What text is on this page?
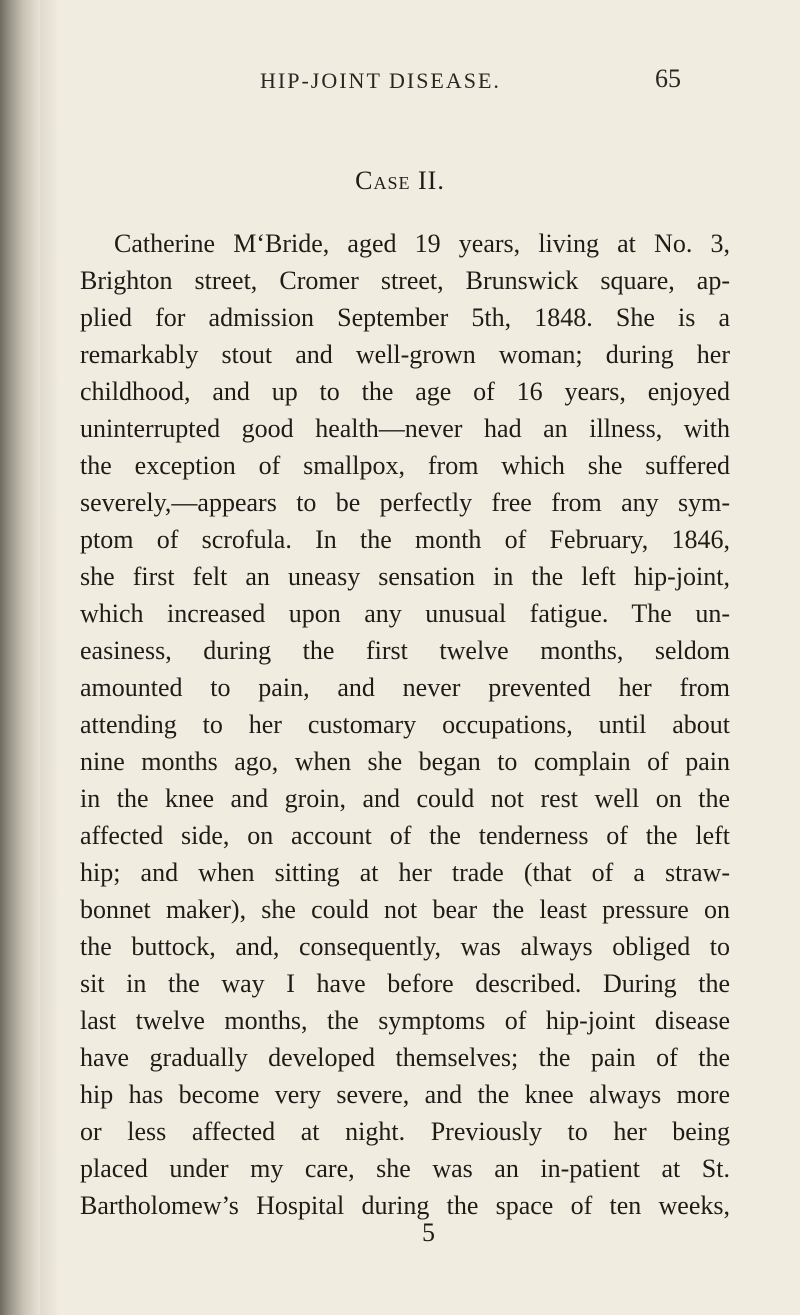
HIP-JOINT DISEASE.	65
Case II.
Catherine M‘Bride, aged 19 years, living at No. 3,
Brighton street, Cromer street, Brunswick square, ap-
plied for admission September 5th, 1848. She is a
remarkably stout and well-grown woman; during her
childhood, and up to the age of 16 years, enjoyed
uninterrupted good health—never had an illness, with
the exception of smallpox, from which she suffered
severely,—appears to be perfectly free from any sym-
ptom of scrofula. In the month of February, 1846,
she first felt an uneasy sensation in the left hip-joint,
which increased upon any unusual fatigue. The un-
easiness, during the first twelve months, seldom
amounted to pain, and never prevented her from
attending to her customary occupations, until about
nine months ago, when she began to complain of pain
in the knee and groin, and could not rest well on the
affected side, on account of the tenderness of the left
hip; and when sitting at her trade (that of a straw-
bonnet maker), she could not bear the least pressure on
the buttock, and, consequently, was always obliged to
sit in the way I have before described. During the
last twelve months, the symptoms of hip-joint disease
have gradually developed themselves; the pain of the
hip has become very severe, and the knee always more
or less affected at night. Previously to her being
placed under my care, she was an in-patient at St.
Bartholomew’s Hospital during the space of ten weeks,
5
